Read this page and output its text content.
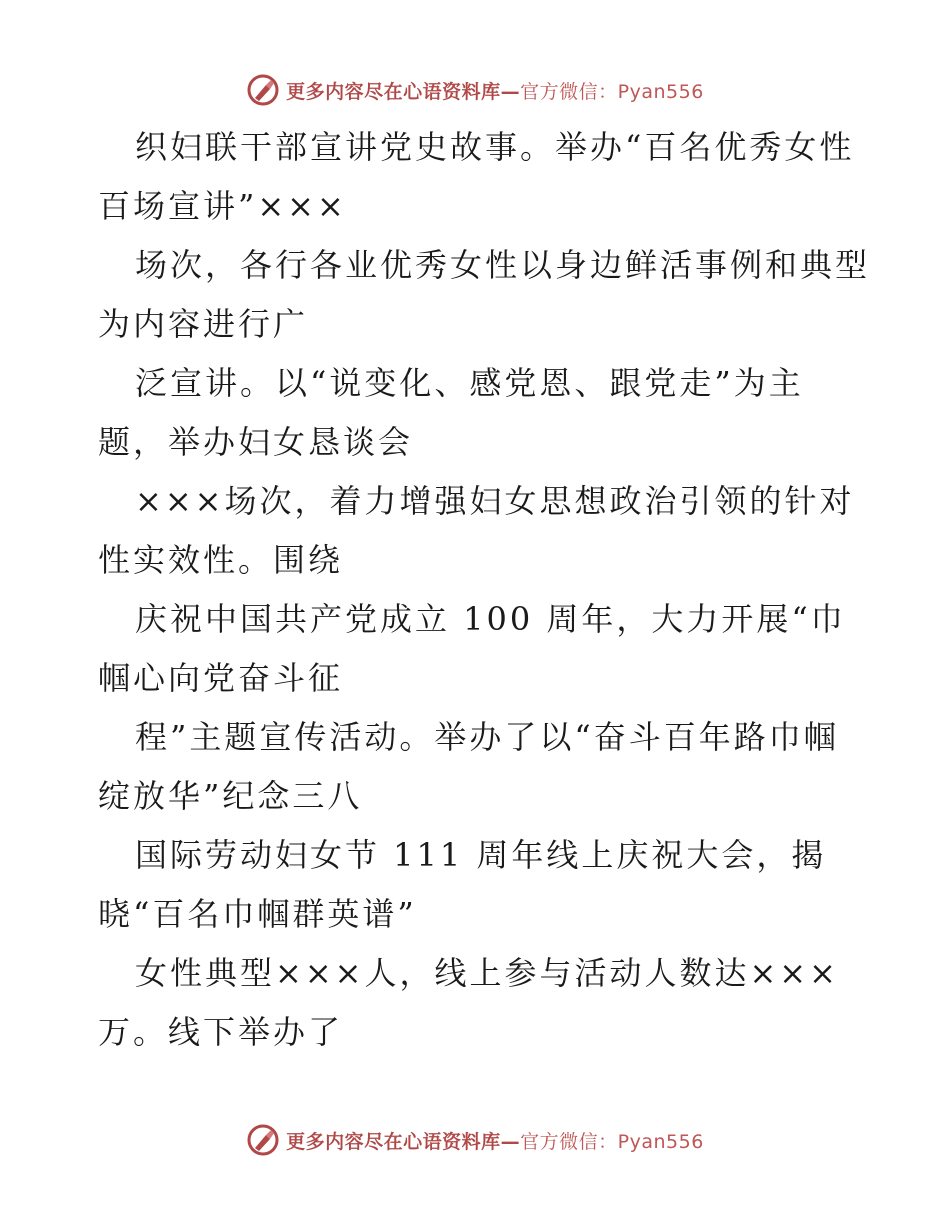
更多内容尽在心语资料库—官方微信：Pyan556
织妇联干部宣讲党史故事。举办“百名优秀女性
百场宣讲”×××
场次，各行各业优秀女性以身边鲜活事例和典型
为内容进行广
泛宣讲。以“说变化、感党恩、跟党走”为主
题，举办妇女恳谈会
×××场次，着力增强妇女思想政治引领的针对
性实效性。围绕
庆祝中国共产党成立 100 周年，大力开展“巾
帼心向党奋斗征
程”主题宣传活动。举办了以“奋斗百年路巾帼
绽放华”纪念三八
国际劳动妇女节 111 周年线上庆祝大会，揭
晓“百名巾帼群英谱”
女性典型×××人，线上参与活动人数达×××
万。线下举办了
更多内容尽在心语资料库—官方微信：Pyan556
